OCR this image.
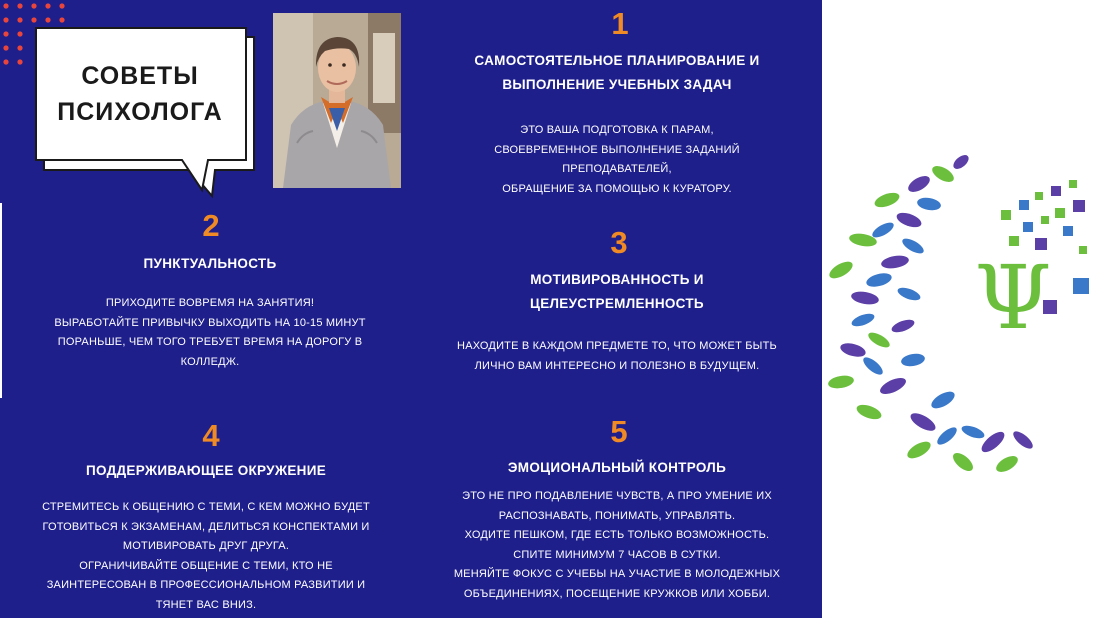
СОВЕТЫ
ПСИХОЛОГА
1
САМОСТОЯТЕЛЬНОЕ ПЛАНИРОВАНИЕ И
ВЫПОЛНЕНИЕ УЧЕБНЫХ ЗАДАЧ
ЭТО ВАША ПОДГОТОВКА К ПАРАМ,
СВОЕВРЕМЕННОЕ ВЫПОЛНЕНИЕ ЗАДАНИЙ
ПРЕПОДАВАТЕЛЕЙ,
ОБРАЩЕНИЕ ЗА ПОМОЩЬЮ К КУРАТОРУ.
2
ПУНКТУАЛЬНОСТЬ
ПРИХОДИТЕ ВОВРЕМЯ НА ЗАНЯТИЯ!
ВЫРАБОТАЙТЕ ПРИВЫЧКУ ВЫХОДИТЬ НА 10-15 МИНУТ
ПОРАНЬШЕ, ЧЕМ ТОГО ТРЕБУЕТ ВРЕМЯ НА ДОРОГУ В
КОЛЛЕДЖ.
3
МОТИВИРОВАННОСТЬ И
ЦЕЛЕУСТРЕМЛЕННОСТЬ
НАХОДИТЕ В КАЖДОМ ПРЕДМЕТЕ ТО, ЧТО МОЖЕТ БЫТЬ
ЛИЧНО ВАМ ИНТЕРЕСНО И ПОЛЕЗНО В БУДУЩЕМ.
4
ПОДДЕРЖИВАЮЩЕЕ ОКРУЖЕНИЕ
СТРЕМИТЕСЬ К ОБЩЕНИЮ С ТЕМИ, С КЕМ МОЖНО БУДЕТ
ГОТОВИТЬСЯ К ЭКЗАМЕНАМ, ДЕЛИТЬСЯ КОНСПЕКТАМИ И
МОТИВИРОВАТЬ ДРУГ ДРУГА.
ОГРАНИЧИВАЙТЕ ОБЩЕНИЕ С ТЕМИ, КТО НЕ
ЗАИНТЕРЕСОВАН В ПРОФЕССИОНАЛЬНОМ РАЗВИТИИ И
ТЯНЕТ ВАС ВНИЗ.
5
ЭМОЦИОНАЛЬНЫЙ КОНТРОЛЬ
ЭТО НЕ ПРО ПОДАВЛЕНИЕ ЧУВСТВ, А ПРО УМЕНИЕ ИХ
РАСПОЗНАВАТЬ, ПОНИМАТЬ, УПРАВЛЯТЬ.
ХОДИТЕ ПЕШКОМ, ГДЕ ЕСТЬ ТОЛЬКО ВОЗМОЖНОСТЬ.
СПИТЕ МИНИМУМ 7 ЧАСОВ В СУТКИ.
МЕНЯЙТЕ ФОКУС С УЧЕБЫ НА УЧАСТИЕ В МОЛОДЕЖНЫХ
ОБЪЕДИНЕНИЯХ, ПОСЕЩЕНИЕ КРУЖКОВ ИЛИ ХОББИ.
Ψ
